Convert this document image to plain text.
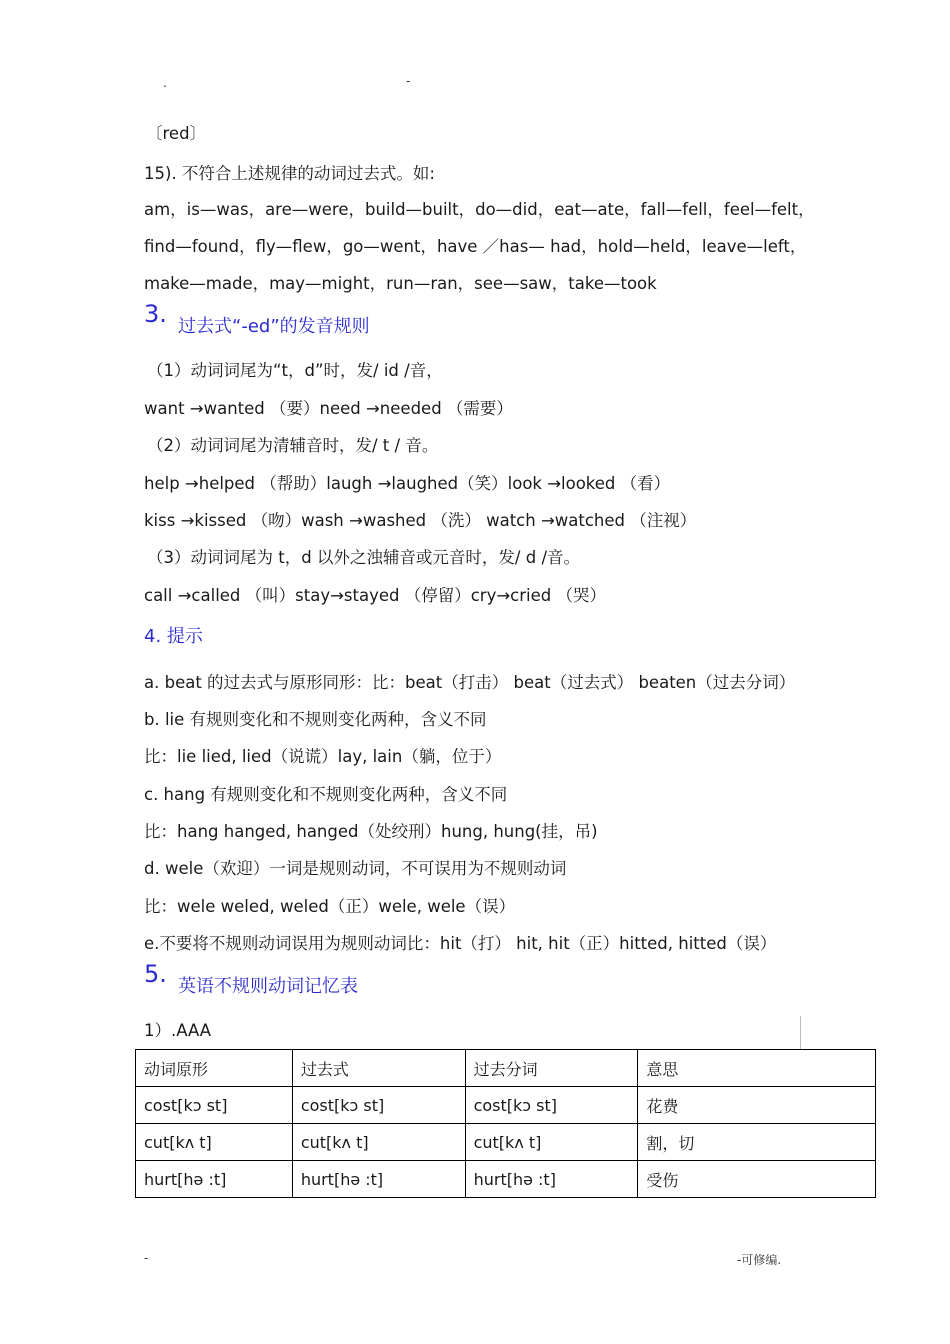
.	-
〔red〕
15). 不符合上述规律的动词过去式。如:
am，is—was，are—were，build—built，do—did，eat—ate，fall—fell，feel—felt，
find—found，fly—flew，go—went，have ／has— had，hold—held，leave—left，
make—made，may—might，run—ran，see—saw，take—took
3. 过去式“-ed”的发音规则
（1）动词词尾为“t，d”时，发/ id /音，
want →wanted （要）need →needed （需要）
（2）动词词尾为清辅音时，发/ t / 音。
help →helped （帮助）laugh →laughed（笑）look →looked （看）
kiss →kissed （吻）wash →washed （洗） watch →watched （注视）
（3）动词词尾为 t，d 以外之浊辅音或元音时，发/ d /音。
call →called （叫）stay→stayed （停留）cry→cried （哭）
4. 提示
a. beat 的过去式与原形同形：比：beat（打击） beat（过去式） beaten（过去分词）
b. lie 有规则变化和不规则变化两种，含义不同
比：lie lied, lied（说谎）lay, lain（躺，位于）
c. hang 有规则变化和不规则变化两种，含义不同
比：hang hanged, hanged（处绞刑）hung, hung(挂，吊)
d. wele（欢迎）一词是规则动词，不可误用为不规则动词
比：wele weled, weled（正）wele, wele（误）
e.不要将不规则动词误用为规则动词比：hit（打） hit, hit（正）hitted, hitted（误）
5. 英语不规则动词记忆表
1）.AAA
动词原形	过去式	过去分词	意思
cost[kɔ st]	cost[kɔ st]	cost[kɔ st]	花费
cut[kʌ t]	cut[kʌ t]	cut[kʌ t]	割，切
hurt[hə :t]	hurt[hə :t]	hurt[hə :t]	受伤
-	-可修编.
